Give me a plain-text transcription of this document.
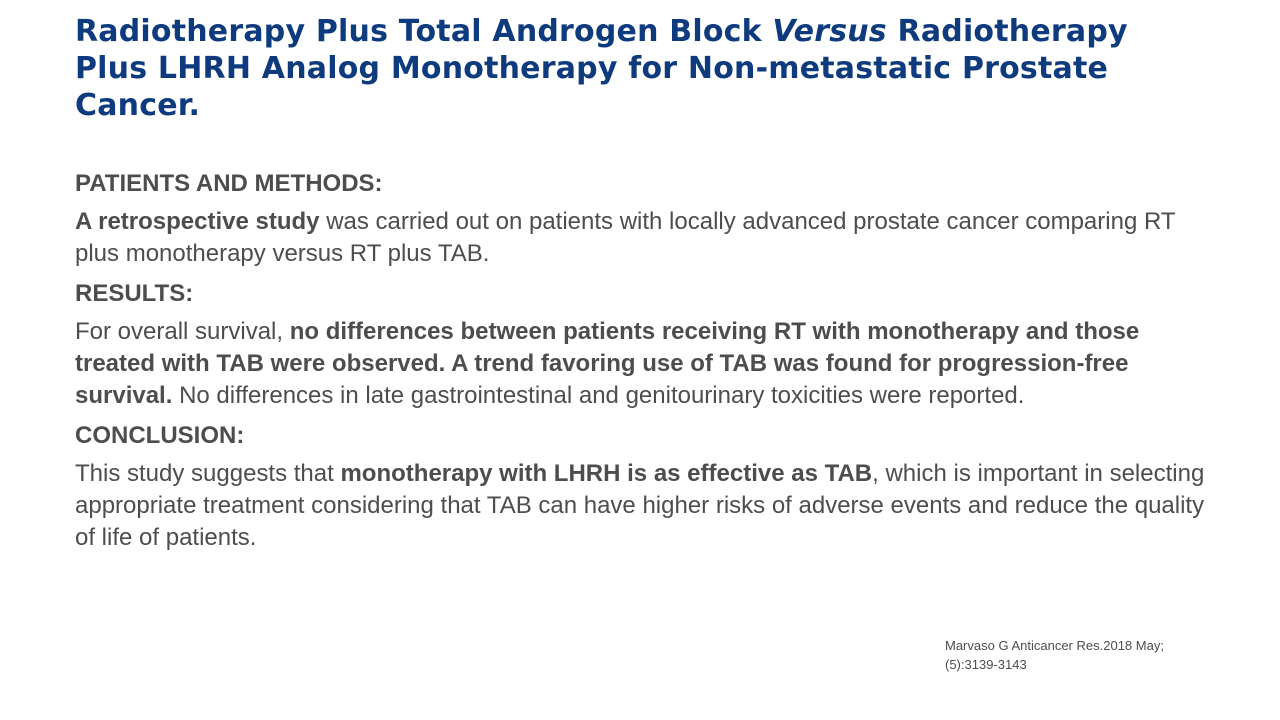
Radiotherapy Plus Total Androgen Block Versus Radiotherapy Plus LHRH Analog Monotherapy for Non-metastatic Prostate Cancer.
PATIENTS AND METHODS:

A retrospective study was carried out on patients with locally advanced prostate cancer comparing RT plus monotherapy versus RT plus TAB.

RESULTS:

For overall survival, no differences between patients receiving RT with monotherapy and those treated with TAB were observed. A trend favoring use of TAB was found for progression-free survival. No differences in late gastrointestinal and genitourinary toxicities were reported.

CONCLUSION:

This study suggests that monotherapy with LHRH is as effective as TAB, which is important in selecting appropriate treatment considering that TAB can have higher risks of adverse events and reduce the quality of life of patients.

Marvaso G Anticancer Res.2018 May;
(5):3139-3143
